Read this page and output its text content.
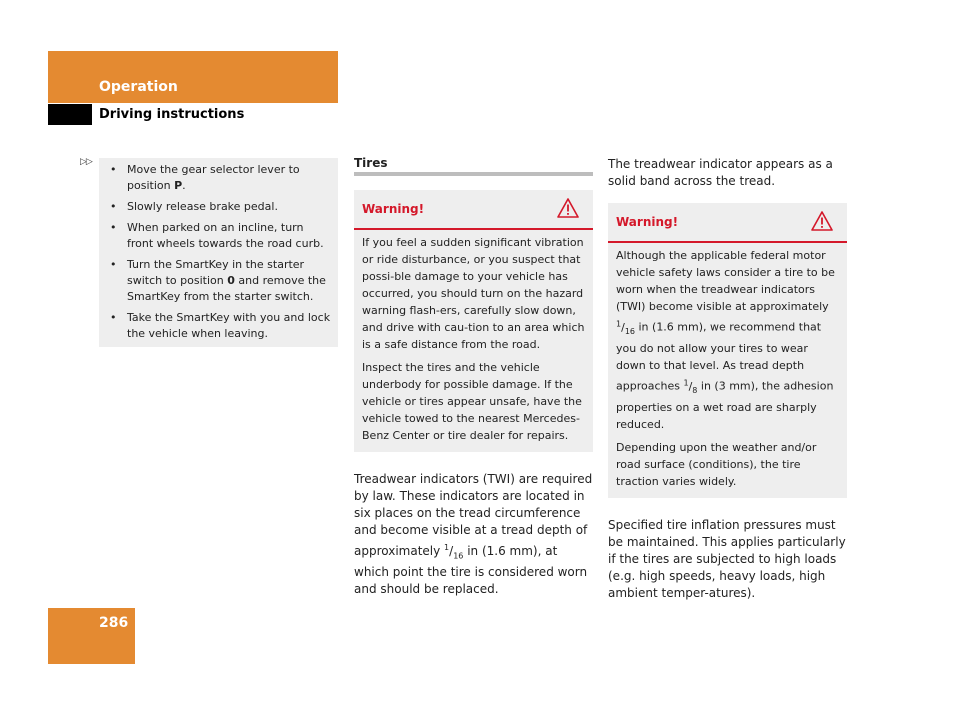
Operation
Driving instructions
▷▷
• Move the gear selector lever to position P.
• Slowly release brake pedal.
• When parked on an incline, turn front wheels towards the road curb.
• Turn the SmartKey in the starter switch to position 0 and remove the SmartKey from the starter switch.
• Take the SmartKey with you and lock the vehicle when leaving.
Tires
Warning!

If you feel a sudden significant vibration or ride disturbance, or you suspect that possi-ble damage to your vehicle has occurred, you should turn on the hazard warning flash-ers, carefully slow down, and drive with cau-tion to an area which is a safe distance from the road.

Inspect the tires and the vehicle underbody for possible damage. If the vehicle or tires appear unsafe, have the vehicle towed to the nearest Mercedes-Benz Center or tire dealer for repairs.

Treadwear indicators (TWI) are required by law. These indicators are located in six places on the tread circumference and become visible at a tread depth of approximately $^1/_{16}$ in (1.6 mm), at which point the tire is considered worn and should be replaced.

The treadwear indicator appears as a solid band across the tread.

Warning!

Although the applicable federal motor vehicle safety laws consider a tire to be worn when the treadwear indicators (TWI) become visible at approximately $^1/_{16}$ in (1.6 mm), we recommend that you do not allow your tires to wear down to that level. As tread depth approaches $^1/_8$ in (3 mm), the adhesion properties on a wet road are sharply reduced.

Depending upon the weather and/or road surface (conditions), the tire traction varies widely.

Specified tire inflation pressures must be maintained. This applies particularly if the tires are subjected to high loads (e.g. high speeds, heavy loads, high ambient temper-atures).

286
